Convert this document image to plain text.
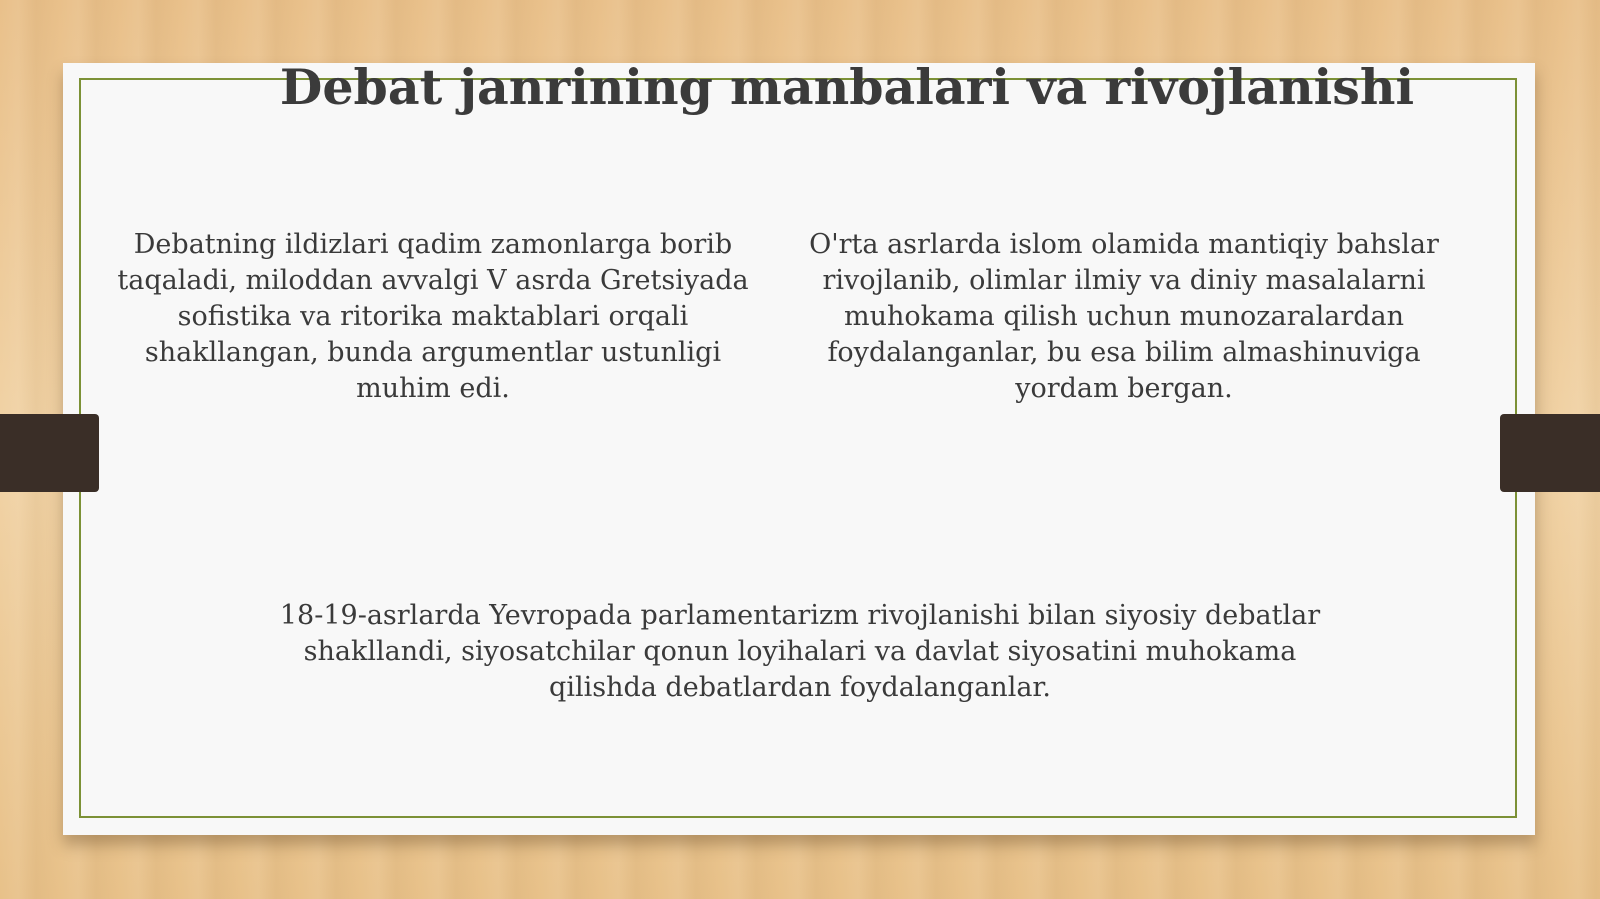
Debat janrining manbalari va rivojlanishi

Debatning ildizlari qadim zamonlarga borib taqaladi, miloddan avvalgi V asrda Gretsiyada sofistika va ritorika maktablari orqali shakllangan, bunda argumentlar ustunligi muhim edi.

O'rta asrlarda islom olamida mantiqiy bahslar rivojlanib, olimlar ilmiy va diniy masalalarni muhokama qilish uchun munozaralardan foydalanganlar, bu esa bilim almashinuviga yordam bergan.

18-19-asrlarda Yevropada parlamentarizm rivojlanishi bilan siyosiy debatlar shakllandi, siyosatchilar qonun loyihalari va davlat siyosatini muhokama qilishda debatlardan foydalanganlar.
